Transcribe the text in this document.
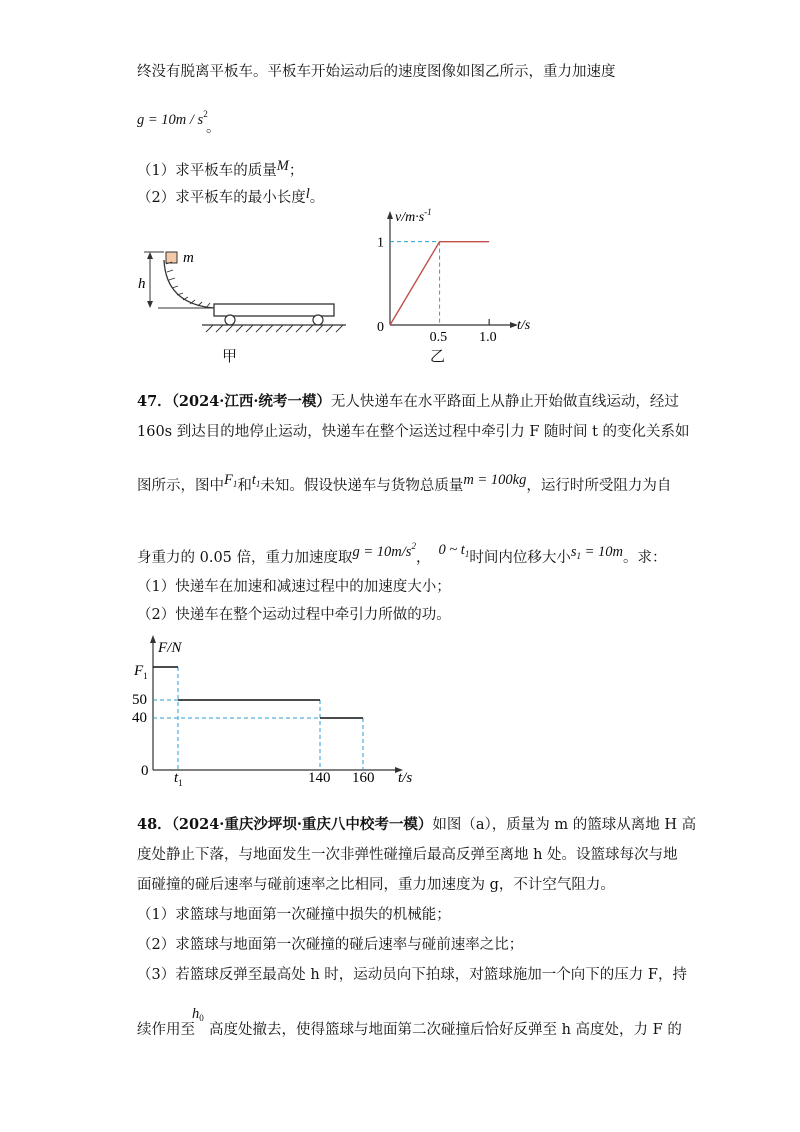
终没有脱离平板车。平板车开始运动后的速度图像如图乙所示，重力加速度
$g = 10m / s^2$
。
（1）求平板车的质量M；
（2）求平板车的最小长度l。
m
h
甲
$v/m\cdot s^{-1}$
t/s
0
1
0.5 1.0
乙
47．（2024·江西·统考一模）无人快递车在水平路面上从静止开始做直线运动，经过
160s 到达目的地停止运动，快递车在整个运送过程中牵引力 F 随时间 t 的变化关系如
图所示，图中$F_1$和$t_1$未知。假设快递车与货物总质量m = 100kg，运行时所受阻力为自
身重力的 0.05 倍，重力加速度取$g = 10m/s^2$， 0 ~ $t_1$时间内位移大小$s_1 = 10m$。求：
（1）快递车在加速和减速过程中的加速度大小；
（2）快递车在整个运动过程中牵引力所做的功。
F/N
t/s
$F_1$
50
40
0 $t_1$	140 160
48．（2024·重庆沙坪坝·重庆八中校考一模）如图（a），质量为 m 的篮球从离地 H 高
度处静止下落，与地面发生一次非弹性碰撞后最高反弹至离地 h 处。设篮球每次与地
面碰撞的碰后速率与碰前速率之比相同，重力加速度为 g，不计空气阻力。
（1）求篮球与地面第一次碰撞中损失的机械能；
（2）求篮球与地面第一次碰撞的碰后速率与碰前速率之比；
（3）若篮球反弹至最高处 h 时，运动员向下拍球，对篮球施加一个向下的压力 F，持
$h_0$
续作用至 高度处撤去，使得篮球与地面第二次碰撞后恰好反弹至 h 高度处，力 F 的
